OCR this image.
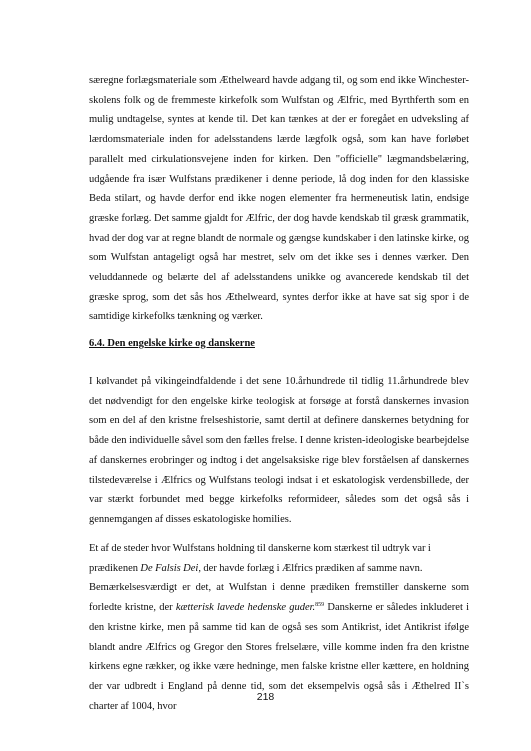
særegne forlægsmateriale som Æthelweard havde adgang til, og som end ikke Winchester-skolens folk og de fremmeste kirkefolk som Wulfstan og Ælfric, med Byrthferth som en mulig undtagelse, syntes at kende til. Det kan tænkes at der er foregået en udveksling af lærdomsmateriale inden for adelsstandens lærde lægfolk også, som kan have forløbet parallelt med cirkulationsvejene inden for kirken. Den "officielle" lægmandsbelæring, udgående fra især Wulfstans prædikener i denne periode, lå dog inden for den klassiske Beda stilart, og havde derfor end ikke nogen elementer fra hermeneutisk latin, endsige græske forlæg. Det samme gjaldt for Ælfric, der dog havde kendskab til græsk grammatik, hvad der dog var at regne blandt de normale og gængse kundskaber i den latinske kirke, og som Wulfstan antageligt også har mestret, selv om det ikke ses i dennes værker. Den veluddannede og belærte del af adelsstandens unikke og avancerede kendskab til det græske sprog, som det sås hos Æthelweard, syntes derfor ikke at have sat sig spor i de samtidige kirkefolks tænkning og værker.
6.4. Den engelske kirke og danskerne
I kølvandet på vikingeindfaldende i det sene 10.århundrede til tidlig 11.århundrede blev det nødvendigt for den engelske kirke teologisk at forsøge at forstå danskernes invasion som en del af den kristne frelseshistorie, samt dertil at definere danskernes betydning for både den individuelle såvel som den fælles frelse. I denne kristen-ideologiske bearbejdelse af danskernes erobringer og indtog i det angelsaksiske rige blev forståelsen af danskernes tilstedeværelse i Ælfrics og Wulfstans teologi indsat i et eskatologisk verdensbillede, der var stærkt forbundet med begge kirkefolks reformideer, således som det også sås i gennemgangen af disses eskatologiske homilies.
Et af de steder hvor Wulfstans holdning til danskerne kom stærkest til udtryk var i
prædikenen De Falsis Dei, der havde forlæg i Ælfrics prædiken af samme navn.
Bemærkelsesværdigt er det, at Wulfstan i denne prædiken fremstiller danskerne som forledte kristne, der kætterisk lavede hedenske guder.$^{859}$ Danskerne er således inkluderet i den kristne kirke, men på samme tid kan de også ses som Antikrist, idet Antikrist ifølge blandt andre Ælfrics og Gregor den Stores frelselære, ville komme inden fra den kristne kirkens egne rækker, og ikke være hedninge, men falske kristne eller kættere, en holdning der var udbredt i England på denne tid, som det eksempelvis også sås i Æthelred II`s charter af 1004, hvor
218
